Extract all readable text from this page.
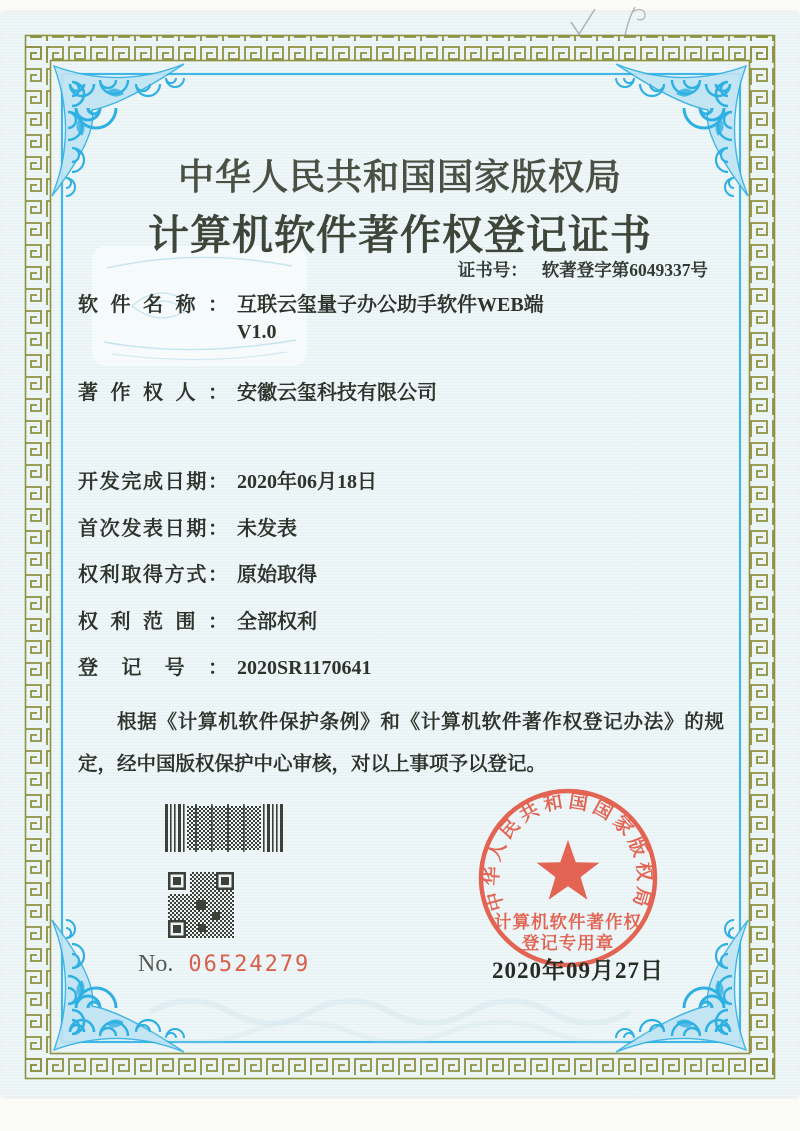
中华人民共和国国家版权局
计算机软件著作权登记证书
证书号： 软著登字第6049337号
软件名称： 互联云玺量子办公助手软件WEB端
V1.0
著作权人： 安徽云玺科技有限公司
开发完成日期： 2020年06月18日
首次发表日期： 未发表
权利取得方式： 原始取得
权利范围： 全部权利
登记号： 2020SR1170641
根据《计算机软件保护条例》和《计算机软件著作权登记办法》的规定，经中国版权保护中心审核，对以上事项予以登记。
No. 06524279
中华人民共和国国家版权局
计算机软件著作权
登记专用章
2020年09月27日
